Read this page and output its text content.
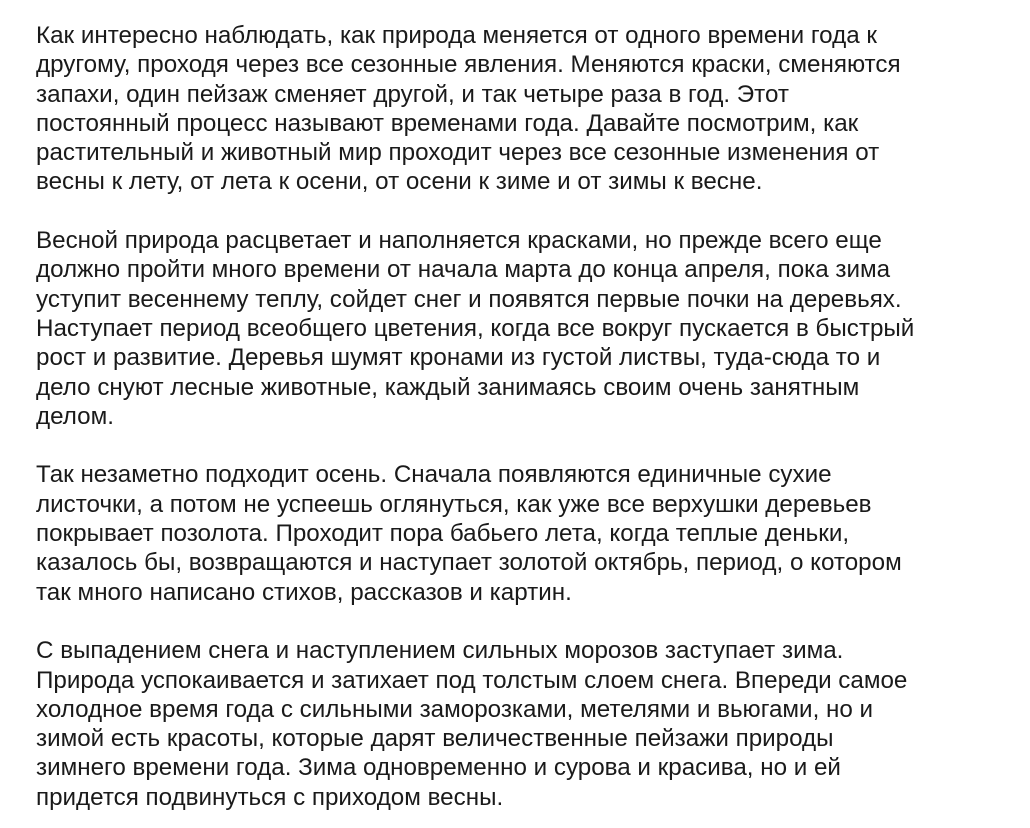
Как интересно наблюдать, как природа меняется от одного времени года к
другому, проходя через все сезонные явления. Меняются краски, сменяются
запахи, один пейзаж сменяет другой, и так четыре раза в год. Этот
постоянный процесс называют временами года. Давайте посмотрим, как
растительный и животный мир проходит через все сезонные изменения от
весны к лету, от лета к осени, от осени к зиме и от зимы к весне.

Весной природа расцветает и наполняется красками, но прежде всего еще
должно пройти много времени от начала марта до конца апреля, пока зима
уступит весеннему теплу, сойдет снег и появятся первые почки на деревьях.
Наступает период всеобщего цветения, когда все вокруг пускается в быстрый
рост и развитие. Деревья шумят кронами из густой листвы, туда-сюда то и
дело снуют лесные животные, каждый занимаясь своим очень занятным
делом.

Так незаметно подходит осень. Сначала появляются единичные сухие
листочки, а потом не успеешь оглянуться, как уже все верхушки деревьев
покрывает позолота. Проходит пора бабьего лета, когда теплые деньки,
казалось бы, возвращаются и наступает золотой октябрь, период, о котором
так много написано стихов, рассказов и картин.

С выпадением снега и наступлением сильных морозов заступает зима.
Природа успокаивается и затихает под толстым слоем снега. Впереди самое
холодное время года с сильными заморозками, метелями и вьюгами, но и
зимой есть красоты, которые дарят величественные пейзажи природы
зимнего времени года. Зима одновременно и сурова и красива, но и ей
придется подвинуться с приходом весны.
